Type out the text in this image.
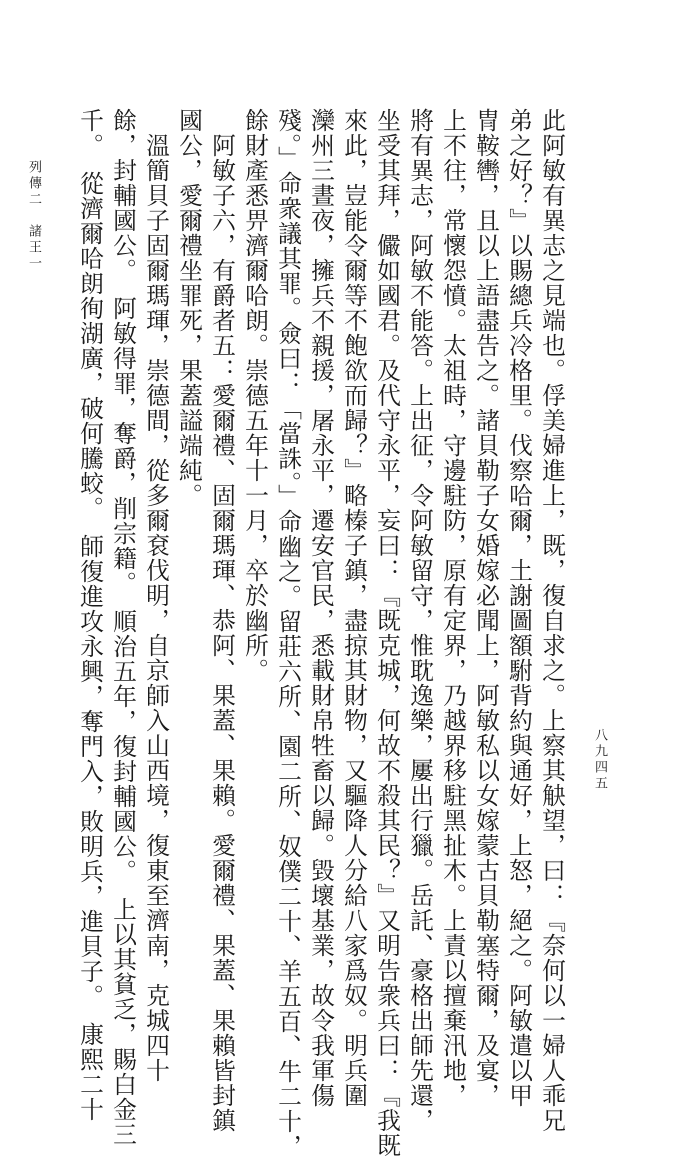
八九四五
此阿敏有異志之見端也。俘美婦進上，既，復自求之。上察其觖望，曰：『奈何以一婦人乖兄
弟之好？』以賜總兵冷格里。伐察哈爾，土謝圖額駙背約與通好，上怒，絕之。阿敏遣以甲
冑鞍轡，且以上語盡告之。諸貝勒子女婚嫁必聞上，阿敏私以女嫁蒙古貝勒塞特爾，及宴，
上不往，常懷怨憤。太祖時，守邊駐防，原有定界，乃越界移駐黑扯木。上責以擅棄汛地，
將有異志，阿敏不能答。上出征，令阿敏留守，惟耽逸樂，屢出行獵。岳託、豪格出師先還，
坐受其拜，儼如國君。及代守永平，妄曰：『既克城，何故不殺其民？』又明告衆兵曰：『我既
來此，豈能令爾等不飽欲而歸？』略榛子鎮，盡掠其財物，又驅降人分給八家爲奴。明兵圍
灤州三晝夜，擁兵不親援，屠永平，遷安官民，悉載財帛牲畜以歸。毀壞基業，故令我軍傷
殘。」命衆議其罪。僉曰：「當誅。」命幽之。留莊六所、園二所、奴僕二十、羊五百、牛二十，
餘財產悉畀濟爾哈朗。崇德五年十一月，卒於幽所。
　阿敏子六，有爵者五：愛爾禮、固爾瑪琿、恭阿、果蓋、果賴。愛爾禮、果蓋、果賴皆封鎮
國公，愛爾禮坐罪死，果蓋謚端純。
　溫簡貝子固爾瑪琿，崇德間，從多爾袞伐明，自京師入山西境，復東至濟南，克城四十
餘，封輔國公。　阿敏得罪，奪爵，削宗籍。　順治五年，復封輔國公。　上以其貧乏，賜白金三
千。　從濟爾哈朗徇湖廣，破何騰蛟。　師復進攻永興，奪門入，敗明兵，進貝子。　康熙二十
列傳二　諸王一
